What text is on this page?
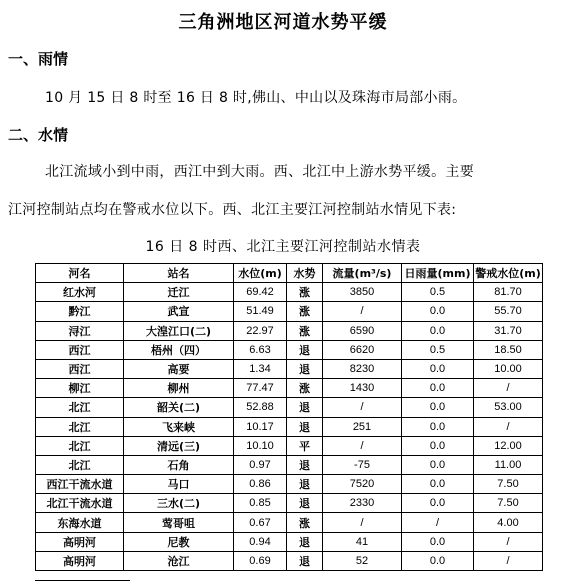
三角洲地区河道水势平缓
一、雨情
10 月 15 日 8 时至 16 日 8 时,佛山、中山以及珠海市局部小雨。
二、水情
北江流域小到中雨，西江中到大雨。西、北江中上游水势平缓。主要
江河控制站点均在警戒水位以下。西、北江主要江河控制站水情见下表:
16 日 8 时西、北江主要江河控制站水情表
河名	站名	水位(m)	水势	流量(m³/s)	日雨量(mm)	警戒水位(m)
红水河	迁江	69.42	涨	3850	0.5	81.70
黔江	武宣	51.49	涨	/	0.0	55.70
浔江	大湟江口(二)	22.97	涨	6590	0.0	31.70
西江	梧州（四）	6.63	退	6620	0.5	18.50
西江	高要	1.34	退	8230	0.0	10.00
柳江	柳州	77.47	涨	1430	0.0	/
北江	韶关(二)	52.88	退	/	0.0	53.00
北江	飞来峡	10.17	退	251	0.0	/
北江	清远(三)	10.10	平	/	0.0	12.00
北江	石角	0.97	退	-75	0.0	11.00
西江干流水道	马口	0.86	退	7520	0.0	7.50
北江干流水道	三水(二)	0.85	退	2330	0.0	7.50
东海水道	莺哥咀	0.67	涨	/	/	4.00
高明河	尼教	0.94	退	41	0.0	/
高明河	沧江	0.69	退	52	0.0	/
